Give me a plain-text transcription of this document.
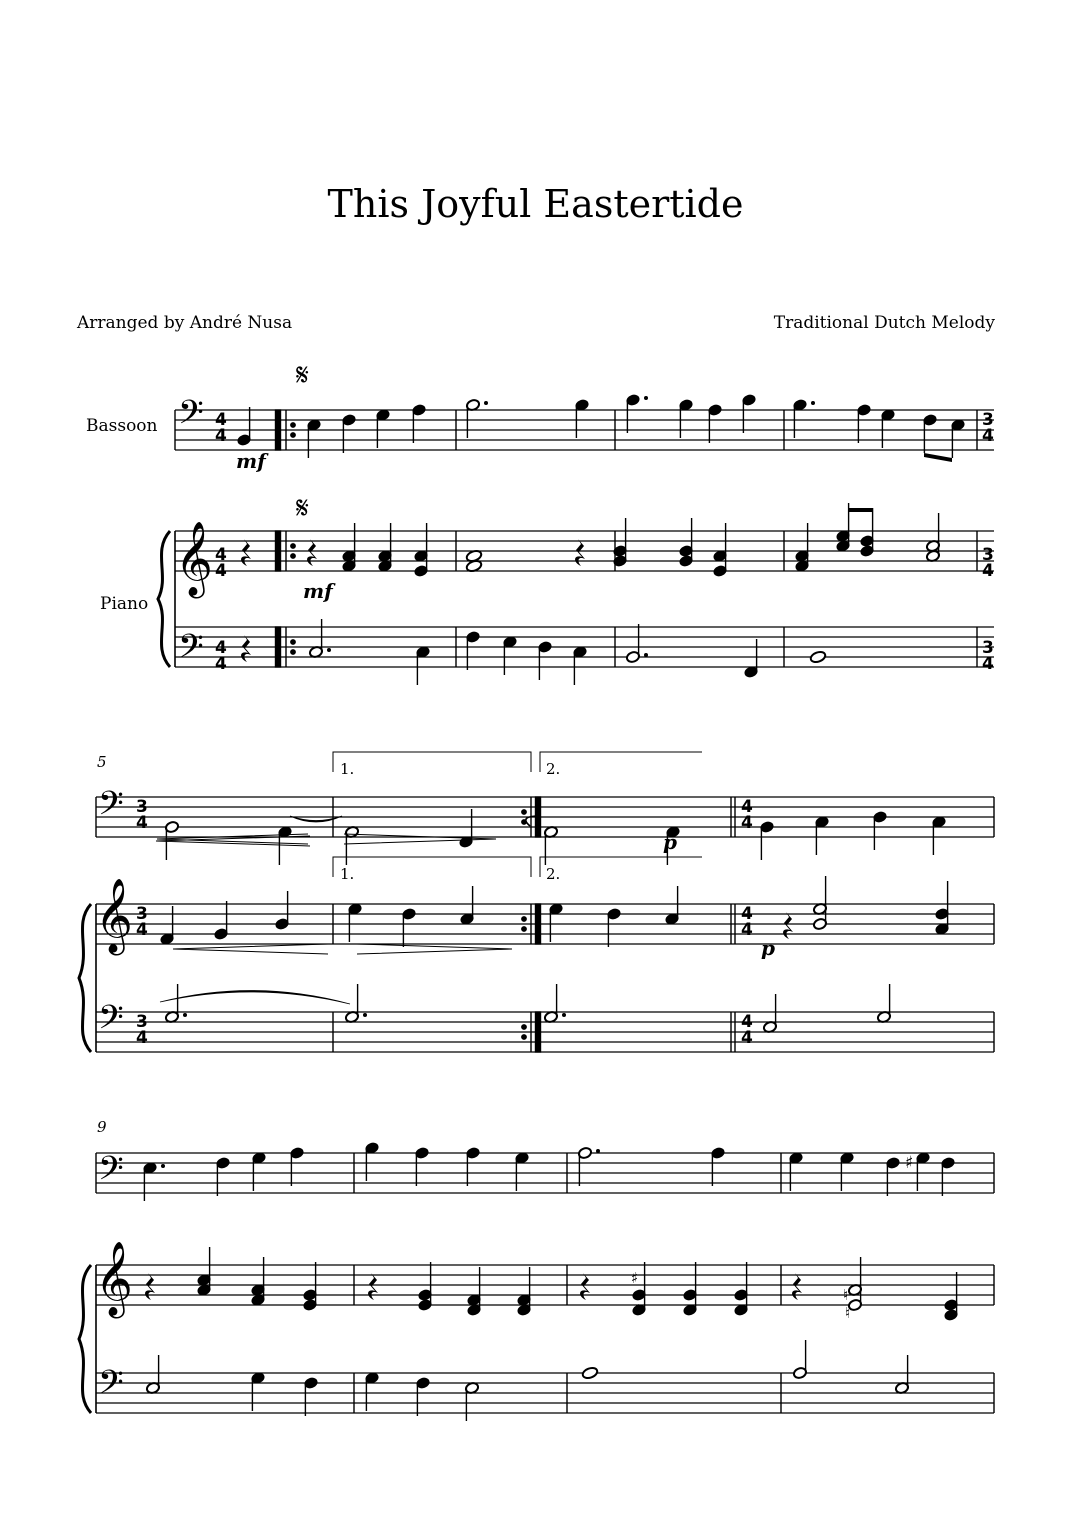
This Joyful Eastertide
Arranged by André Nusa	Traditional Dutch Melody
Bassoon
Piano
5
9
𝄋
𝄋
𝄢
𝄞
𝄢
𝄢
𝄞
𝄢
𝄢
𝄞
𝄢
4
4
4
4
4
4
3
4
3
4
3
4
3
4
3
4
3
4
4
4
4
4
4
4
mf
mf
p
p
1.	2.
1.	2.
♯
♯
♯
♮
♮
